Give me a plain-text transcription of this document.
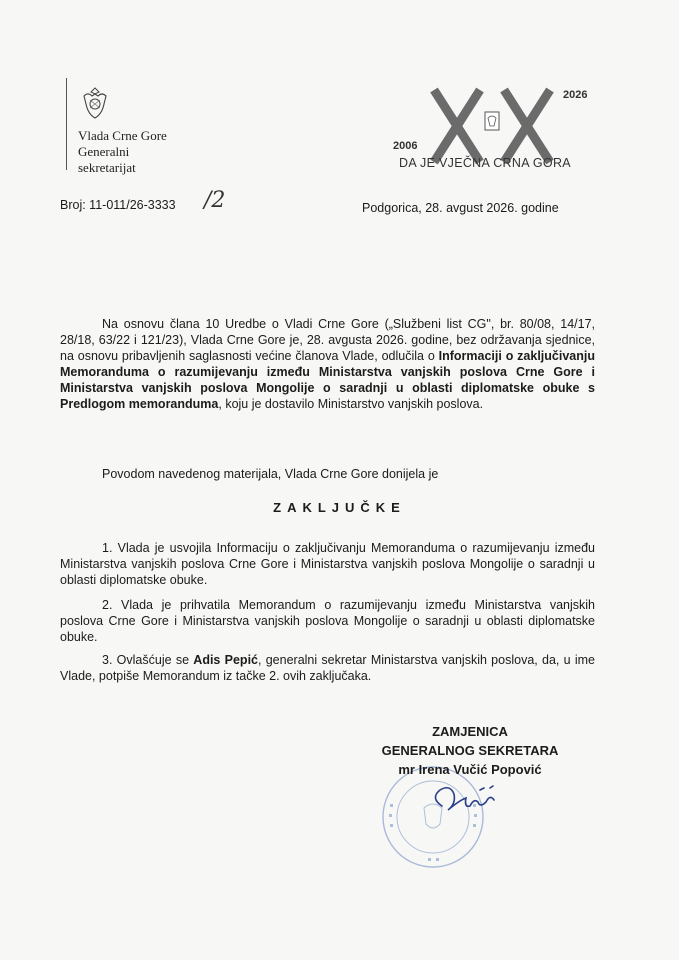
Vlada Crne Gore
Generalni
sekretarijat
2006
2026
DA JE VJEČNA CRNA GORA
Broj: 11-011/26-3333 /2	Podgorica, 28. avgust 2026. godine
Na osnovu člana 10 Uredbe o Vladi Crne Gore („Službeni list CG", br. 80/08, 14/17, 28/18, 63/22 i 121/23), Vlada Crne Gore je, 28. avgusta 2026. godine, bez održavanja sjednice, na osnovu pribavljenih saglasnosti većine članova Vlade, odlučila o Informaciji o zaključivanju Memoranduma o razumijevanju između Ministarstva vanjskih poslova Crne Gore i Ministarstva vanjskih poslova Mongolije o saradnji u oblasti diplomatske obuke s Predlogom memoranduma, koju je dostavilo Ministarstvo vanjskih poslova.
Povodom navedenog materijala, Vlada Crne Gore donijela je
ZAKLJUČKE
1. Vlada je usvojila Informaciju o zaključivanju Memoranduma o razumijevanju između Ministarstva vanjskih poslova Crne Gore i Ministarstva vanjskih poslova Mongolije o saradnji u oblasti diplomatske obuke.
2. Vlada je prihvatila Memorandum o razumijevanju između Ministarstva vanjskih poslova Crne Gore i Ministarstva vanjskih poslova Mongolije o saradnji u oblasti diplomatske obuke.
3. Ovlašćuje se Adis Pepić, generalni sekretar Ministarstva vanjskih poslova, da, u ime Vlade, potpiše Memorandum iz tačke 2. ovih zaključaka.
ZAMJENICA
GENERALNOG SEKRETARA
mr Irena Vučić Popović
